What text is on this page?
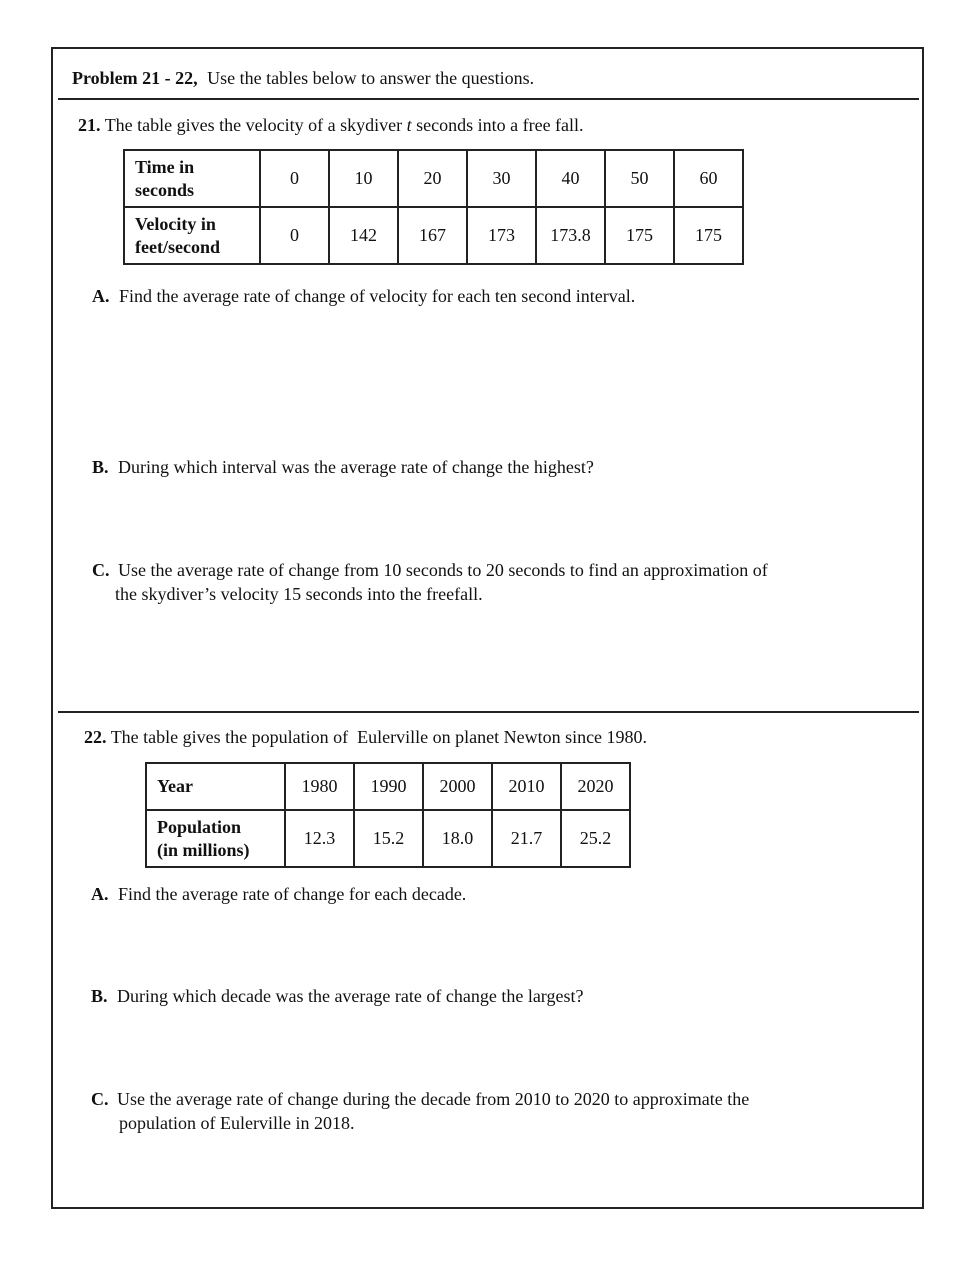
Problem 21 - 22, Use the tables below to answer the questions.
21. The table gives the velocity of a skydiver t seconds into a free fall.
Time in
seconds	0	10	20	30	40	50	60
Velocity in
feet/second	0	142	167	173	173.8	175	175
A. Find the average rate of change of velocity for each ten second interval.
B. During which interval was the average rate of change the highest?
C. Use the average rate of change from 10 seconds to 20 seconds to find an approximation of
the skydiver’s velocity 15 seconds into the freefall.
22. The table gives the population of  Eulerville on planet Newton since 1980.
Year	1980	1990	2000	2010	2020
Population
(in millions)	12.3	15.2	18.0	21.7	25.2
A. Find the average rate of change for each decade.
B. During which decade was the average rate of change the largest?
C. Use the average rate of change during the decade from 2010 to 2020 to approximate the
population of Eulerville in 2018.
